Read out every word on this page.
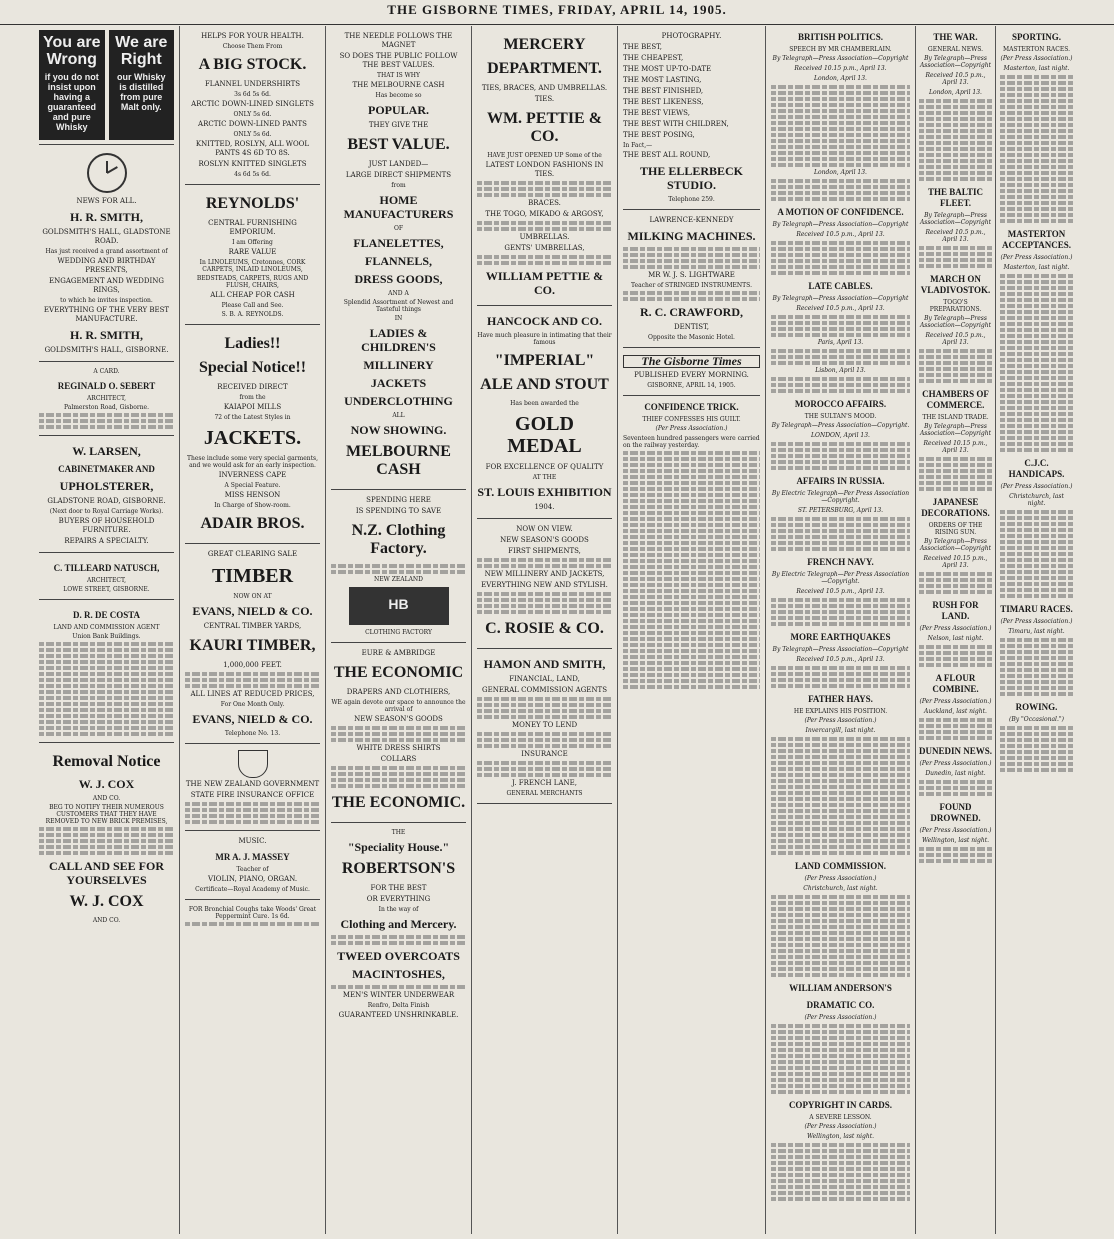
THE GISBORNE TIMES, FRIDAY, APRIL 14, 1905.
You are
Wrong
if you do not insist upon having a guaranteed and pure Whisky
We are
Right
our Whisky is distilled from pure Malt only.
NEWS FOR ALL.
H. R. SMITH,
GOLDSMITH'S HALL, GLADSTONE ROAD.
Has just received a grand assortment of
WEDDING AND BIRTHDAY PRESENTS,
ENGAGEMENT AND WEDDING RINGS,
to which he invites inspection.
EVERYTHING OF THE VERY BEST MANUFACTURE.
H. R. SMITH,
GOLDSMITH'S HALL, GISBORNE.
A CARD.
REGINALD O. SEBERT
ARCHITECT,
Palmerston Road, Gisborne.
W. LARSEN,
CABINETMAKER AND
UPHOLSTERER,
GLADSTONE ROAD, GISBORNE.
(Next door to Royal Carriage Works).
BUYERS OF HOUSEHOLD FURNITURE.
REPAIRS A SPECIALTY.
C. TILLEARD NATUSCH,
ARCHITECT,
LOWE STREET, GISBORNE.
D. R. DE COSTA
LAND AND COMMISSION AGENT
Union Bank Buildings.
Removal Notice
W. J. COX
AND CO.
BEG TO NOTIFY THEIR NUMEROUS CUSTOMERS THAT THEY HAVE REMOVED TO NEW BRICK PREMISES,
CALL AND SEE FOR YOURSELVES
W. J. COX
AND CO.
HELPS FOR YOUR HEALTH.
Choose Them From
A BIG STOCK.
FLANNEL UNDERSHIRTS
3s 6d 5s 6d.
ARCTIC DOWN-LINED SINGLETS
ONLY 5s 6d.
ARCTIC DOWN-LINED PANTS
ONLY 5s 6d.
KNITTED, ROSLYN, ALL WOOL PANTS 4S 6D TO 8S.
ROSLYN KNITTED SINGLETS
4s 6d 5s 6d.
REYNOLDS'
CENTRAL FURNISHING EMPORIUM.
I am Offering
RARE VALUE
In LINOLEUMS, Cretonnes, CORK CARPETS, INLAID LINOLEUMS,
BEDSTEADS, CARPETS, RUGS AND FLUSH, CHAIRS,
ALL CHEAP FOR CASH
Please Call and See.
S. B. A. REYNOLDS.
Ladies!!
Special Notice!!
RECEIVED DIRECT
from the
KAIAPOI MILLS
72 of the Latest Styles in
JACKETS.
These include some very special garments, and we would ask for an early inspection.
INVERNESS CAPE
A Special Feature.
MISS HENSON
In Charge of Show-room.
ADAIR BROS.
GREAT CLEARING SALE
TIMBER
NOW ON AT
EVANS, NIELD & CO.
CENTRAL TIMBER YARDS,
KAURI TIMBER,
1,000,000 FEET.
ALL LINES AT REDUCED PRICES,
For One Month Only.
EVANS, NIELD & CO.
Telephone No. 13.
THE NEW ZEALAND GOVERNMENT
STATE FIRE INSURANCE OFFICE
MUSIC.
MR A. J. MASSEY
Teacher of
VIOLIN, PIANO, ORGAN.
Certificate—Royal Academy of Music.
FOR Bronchial Coughs take Woods' Great Peppermint Cure. 1s 6d.
THE NEEDLE FOLLOWS THE MAGNET
SO DOES THE PUBLIC FOLLOW THE BEST VALUES.
THAT IS WHY
THE MELBOURNE CASH
Has become so
POPULAR.
THEY GIVE THE
BEST VALUE.
JUST LANDED—
LARGE DIRECT SHIPMENTS
from
HOME MANUFACTURERS
OF
FLANELETTES,
FLANNELS,
DRESS GOODS,
AND A
Splendid Assortment of Newest and Tasteful things
IN
LADIES & CHILDREN'S
MILLINERY
JACKETS
UNDERCLOTHING
ALL
NOW SHOWING.
MELBOURNE CASH
SPENDING HERE
IS SPENDING TO SAVE
N.Z. Clothing Factory.
NEW ZEALAND
HB
CLOTHING FACTORY
EURE & AMBRIDGE
THE ECONOMIC
DRAPERS AND CLOTHIERS,
WE again devote our space to announce the arrival of
NEW SEASON'S GOODS
WHITE DRESS SHIRTS
COLLARS
THE ECONOMIC.
THE
"Speciality House."
ROBERTSON'S
FOR THE BEST
OR EVERYTHING
In the way of
Clothing and Mercery.
TWEED OVERCOATS
MACINTOSHES,
MEN'S WINTER UNDERWEAR
Renfro, Delta Finish
GUARANTEED UNSHRINKABLE.
MERCERY
DEPARTMENT.
TIES, BRACES, AND UMBRELLAS.
TIES.
WM. PETTIE & CO.
HAVE JUST OPENED UP Some of the
LATEST LONDON FASHIONS IN TIES.
BRACES.
THE TOGO, MIKADO & ARGOSY,
UMBRELLAS.
GENTS' UMBRELLAS,
WILLIAM PETTIE & CO.
HANCOCK AND CO.
Have much pleasure in intimating that their famous
"IMPERIAL"
ALE AND STOUT
Has been awarded the
GOLD MEDAL
FOR EXCELLENCE OF QUALITY
AT THE
ST. LOUIS EXHIBITION
1904.
NOW ON VIEW.
NEW SEASON'S GOODS
FIRST SHIPMENTS,
NEW MILLINERY AND JACKETS,
EVERYTHING NEW AND STYLISH.
C. ROSIE & CO.
HAMON AND SMITH,
FINANCIAL, LAND,
GENERAL COMMISSION AGENTS
MONEY TO LEND
INSURANCE
J. FRENCH LANE,
GENERAL MERCHANTS
PHOTOGRAPHY.
THE BEST,
THE CHEAPEST,
THE MOST UP-TO-DATE
THE MOST LASTING,
THE BEST FINISHED,
THE BEST LIKENESS,
THE BEST VIEWS,
THE BEST WITH CHILDREN,
THE BEST POSING,
In Fact,—
THE BEST ALL ROUND,
THE ELLERBECK STUDIO.
Telephone 259.
LAWRENCE-KENNEDY
MILKING MACHINES.
MR W. J. S. LIGHTWARE
Teacher of STRINGED INSTRUMENTS.
R. C. CRAWFORD,
DENTIST,
Opposite the Masonic Hotel.
The Gisborne Times
PUBLISHED EVERY MORNING.
GISBORNE, APRIL 14, 1905.
CONFIDENCE TRICK.
THIEF CONFESSES HIS GUILT.
(Per Press Association.)
Seventeen hundred passengers were carried on the railway yesterday.
BRITISH POLITICS.
SPEECH BY MR CHAMBERLAIN.
By Telegraph—Press Association—Copyright
Received 10.15 p.m., April 13.
London, April 13.
London, April 13.
A MOTION OF CONFIDENCE.
By Telegraph—Press Association—Copyright
Received 10.5 p.m., April 13.
LATE CABLES.
By Telegraph—Press Association—Copyright
Received 10.5 p.m., April 13.
Paris, April 13.
Lisbon, April 13.
MOROCCO AFFAIRS.
THE SULTAN'S MOOD.
By Telegraph—Press Association—Copyright.
LONDON, April 13.
AFFAIRS IN RUSSIA.
By Electric Telegraph—Per Press Association—Copyright.
ST. PETERSBURG, April 13.
FRENCH NAVY.
By Electric Telegraph—Per Press Association—Copyright.
Received 10.5 p.m., April 13.
MORE EARTHQUAKES
By Telegraph—Press Association—Copyright
Received 10.5 p.m., April 13.
FATHER HAYS.
HE EXPLAINS HIS POSITION.
(Per Press Association.)
Invercargill, last night.
LAND COMMISSION.
(Per Press Association.)
Christchurch, last night.
WILLIAM ANDERSON'S
DRAMATIC CO.
(Per Press Association.)
COPYRIGHT IN CARDS.
A SEVERE LESSON.
(Per Press Association.)
Wellington, last night.
THE WAR.
GENERAL NEWS.
By Telegraph—Press Association—Copyright
Received 10.5 p.m., April 13.
London, April 13.
THE BALTIC FLEET.
By Telegraph—Press Association—Copyright
Received 10.5 p.m., April 13.
MARCH ON VLADIVOSTOK.
TOGO'S PREPARATIONS.
By Telegraph—Press Association—Copyright
Received 10.5 p.m., April 13.
CHAMBERS OF COMMERCE.
THE ISLAND TRADE.
By Telegraph—Press Association—Copyright
Received 10.15 p.m., April 13.
JAPANESE DECORATIONS.
ORDERS OF THE RISING SUN.
By Telegraph—Press Association—Copyright
Received 10.15 p.m., April 13.
RUSH FOR LAND.
(Per Press Association.)
Nelson, last night.
A FLOUR COMBINE.
(Per Press Association.)
Auckland, last night.
DUNEDIN NEWS.
(Per Press Association.)
Dunedin, last night.
FOUND DROWNED.
(Per Press Association.)
Wellington, last night.
SPORTING.
MASTERTON RACES.
(Per Press Association.)
Masterton, last night.
MASTERTON ACCEPTANCES.
(Per Press Association.)
Masterton, last night.
C.J.C. HANDICAPS.
(Per Press Association.)
Christchurch, last night.
TIMARU RACES.
(Per Press Association.)
Timaru, last night.
ROWING.
(By "Occasional.")
